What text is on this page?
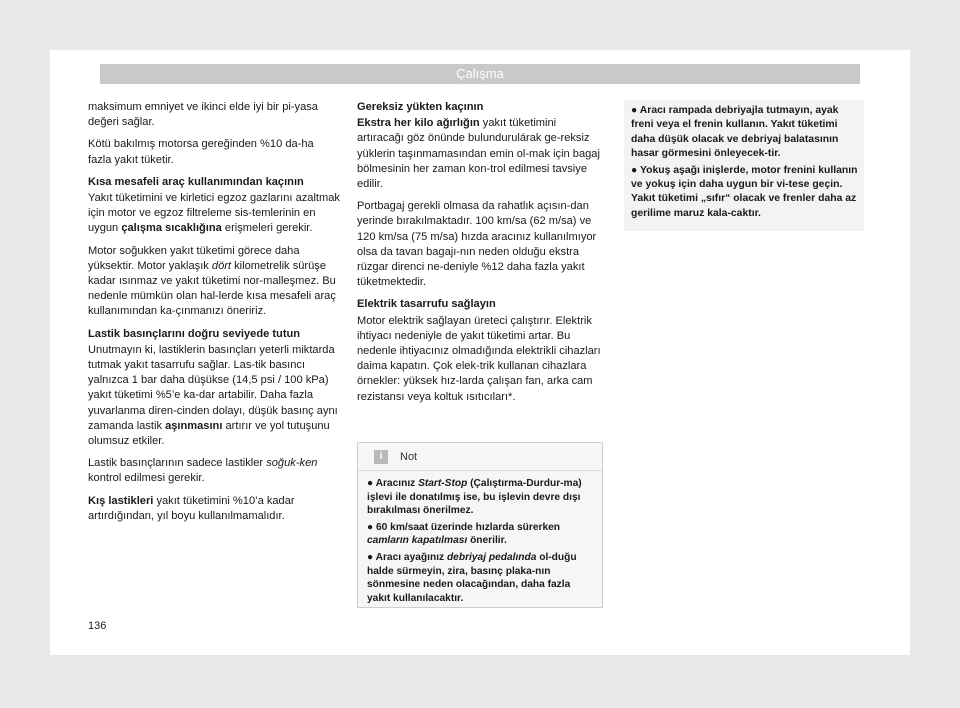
Çalışma

maksimum emniyet ve ikinci elde iyi bir pi-yasa değeri sağlar.

Kötü bakılmış motorsa gereğinden %10 da-ha fazla yakıt tüketir.

Kısa mesafeli araç kullanımından kaçının

Yakıt tüketimini ve kirletici egzoz gazlarını azaltmak için motor ve egzoz filtreleme sis-temlerinin en uygun çalışma sıcaklığına erişmeleri gerekir.

Motor soğukken yakıt tüketimi görece daha yüksektir. Motor yaklaşık dört kilometrelik sürüşe kadar ısınmaz ve yakıt tüketimi nor-malleşmez. Bu nedenle mümkün olan hal-lerde kısa mesafeli araç kullanımından ka-çınmanızı öneririz.

Lastik basınçlarını doğru seviyede tutun

Unutmayın ki, lastiklerin basınçları yeterli miktarda tutmak yakıt tasarrufu sağlar. Las-tik basıncı yalnızca 1 bar daha düşükse (14,5 psi / 100 kPa) yakıt tüketimi %5’e ka-dar artabilir. Daha fazla yuvarlanma diren-cinden dolayı, düşük basınç aynı zamanda lastik aşınmasını artırır ve yol tutuşunu olumsuz etkiler.

Lastik basınçlarının sadece lastikler soğuk-ken kontrol edilmesi gerekir.

Kış lastikleri yakıt tüketimini %10’a kadar artırdığından, yıl boyu kullanılmamalıdır.

Gereksiz yükten kaçının

Ekstra her kilo ağırlığın yakıt tüketimini artıracağı göz önünde bulundurulárak ge-reksiz yüklerin taşınmamasından emin ol-mak için bagaj bölmesinin her zaman kon-trol edilmesi tavsiye edilir.

Portbagaj gerekli olmasa da rahatlık açısın-dan yerinde bırakılmaktadır. 100 km/sa (62 m/sa) ve 120 km/sa (75 m/sa) hızda aracınız kullanılmıyor olsa da tavan bagajı-nın neden olduğu ekstra rüzgar direnci ne-deniyle %12 daha fazla yakıt tüketmektedir.

Elektrik tasarrufu sağlayın

Motor elektrik sağlayan üreteci çalıştırır. Elektrik ihtiyacı nedeniyle de yakıt tüketimi artar. Bu nedenle ihtiyacınız olmadığında elektrikli cihazları daima kapatın. Çok elek-trik kullanan cihazlara örnekler: yüksek hız-larda çalışan fan, arka cam rezistansı veya koltuk ısıtıcıları*.

i	Not

● Aracınız Start-Stop (Çalıştırma-Durdur-ma) işlevi ile donatılmış ise, bu işlevin devre dışı bırakılması önerilmez.

● 60 km/saat üzerinde hızlarda sürerken camların kapatılması önerilir.

● Aracı ayağınız debriyaj pedalında ol-duğu halde sürmeyin, zira, basınç plaka-nın sönmesine neden olacağından, daha fazla yakıt kullanılacaktır.

● Aracı rampada debriyajla tutmayın, ayak freni veya el frenin kullanın. Yakıt tüketimi daha düşük olacak ve debriyaj balatasının hasar görmesini önleyecek-tir.

● Yokuş aşağı inişlerde, motor frenini kullanın ve yokuş için daha uygun bir vi-tese geçin. Yakıt tüketimi „sıfır“ olacak ve frenler daha az gerilime maruz kala-caktır.

136
